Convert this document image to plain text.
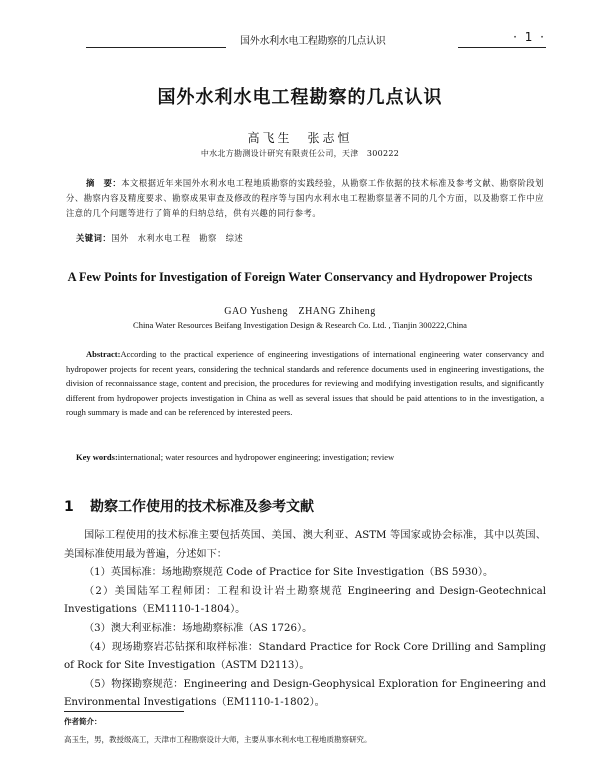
国外水利水电工程勘察的几点认识	· 1 ·
国外水利水电工程勘察的几点认识
高飞生　张志恒
中水北方勘测设计研究有限责任公司，天津　300222
摘　要：本文根据近年来国外水利水电工程地质勘察的实践经验，从勘察工作依据的技术标准及参考文献、勘察阶段划分、勘察内容及精度要求、勘察成果审查及修改的程序等与国内水利水电工程勘察显著不同的几个方面，以及勘察工作中应注意的几个问题等进行了简单的归纳总结，供有兴趣的同行参考。
关键词：国外　水利水电工程　勘察　综述
A Few Points for Investigation of Foreign Water Conservancy and Hydropower Projects
GAO Yusheng　ZHANG Zhiheng
China Water Resources Beifang Investigation Design & Research Co. Ltd. , Tianjin 300222,China
Abstract:According to the practical experience of engineering investigations of international engineering water conservancy and hydropower projects for recent years, considering the technical standards and reference documents used in engineering investigations, the division of reconnaissance stage, content and precision, the procedures for reviewing and modifying investigation results, and significantly different from hydropower projects investigation in China as well as several issues that should be paid attentions to in the investigation, a rough summary is made and can be referenced by interested peers.
Key words:international; water resources and hydropower engineering; investigation; review
1 勘察工作使用的技术标准及参考文献

国际工程使用的技术标准主要包括英国、美国、澳大利亚、ASTM 等国家或协会标准，其中以英国、美国标准使用最为普遍，分述如下：

（1）英国标准：场地勘察规范 Code of Practice for Site Investigation（BS 5930）。

（2）美国陆军工程师团：工程和设计岩土勘察规范 Engineering and Design-Geotechnical Investigations（EM1110-1-1804）。

（3）澳大利亚标准：场地勘察标准（AS 1726）。

（4）现场勘察岩芯钻探和取样标准：Standard Practice for Rock Core Drilling and Sampling of Rock for Site Investigation（ASTM D2113）。

（5）物探勘察规范：Engineering and Design-Geophysical Exploration for Engineering and Environmental Investigations（EM1110-1-1802）。

作者简介：
高玉生，男，教授级高工，天津市工程勘察设计大师，主要从事水利水电工程地质勘察研究。
